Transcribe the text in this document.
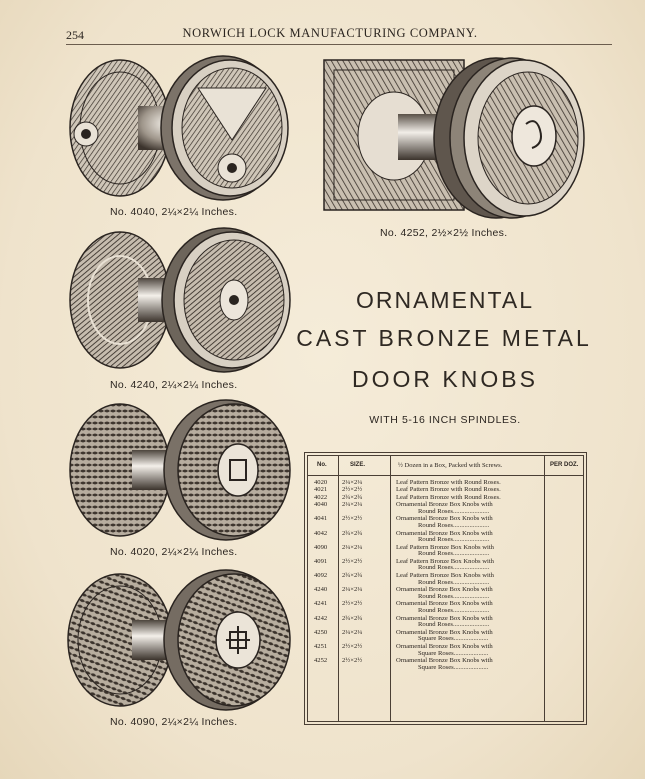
254	NORWICH LOCK MANUFACTURING COMPANY.
No. 4040, 2¼×2¼ Inches.
No. 4252, 2½×2½ Inches.
No. 4240, 2¼×2¼ Inches.
No. 4020, 2¼×2¼ Inches.
No. 4090, 2¼×2¼ Inches.
ORNAMENTAL
CAST BRONZE METAL
DOOR KNOBS
WITH 5-16 INCH SPINDLES.
No.	SIZE.	½ Dozen in a Box, Packed with Screws.	PER DOZ.
4020	2¼×2¼	Leaf Pattern Bronze with Round Roses.
4021	2½×2½	Leaf Pattern Bronze with Round Roses.
4022	2¾×2¾	Leaf Pattern Bronze with Round Roses.
4040	2¼×2¼	Ornamental Bronze Box Knobs with
Round Roses......................
4041	2½×2½	Ornamental Bronze Box Knobs with
Round Roses......................
4042	2¾×2¾	Ornamental Bronze Box Knobs with
Round Roses......................
4090	2¼×2¼	Leaf Pattern Bronze Box Knobs with
Round Roses......................
4091	2½×2½	Leaf Pattern Bronze Box Knobs with
Round Roses......................
4092	2¾×2¾	Leaf Pattern Bronze Box Knobs with
Round Roses......................
4240	2¼×2¼	Ornamental Bronze Box Knobs with
Round Roses......................
4241	2½×2½	Ornamental Bronze Box Knobs with
Round Roses......................
4242	2¾×2¾	Ornamental Bronze Box Knobs with
Round Roses......................
4250	2¼×2¼	Ornamental Bronze Box Knobs with
Square Roses.....................
4251	2½×2½	Ornamental Bronze Box Knobs with
Square Roses.....................
4252	2½×2½	Ornamental Bronze Box Knobs with
Square Roses.....................
